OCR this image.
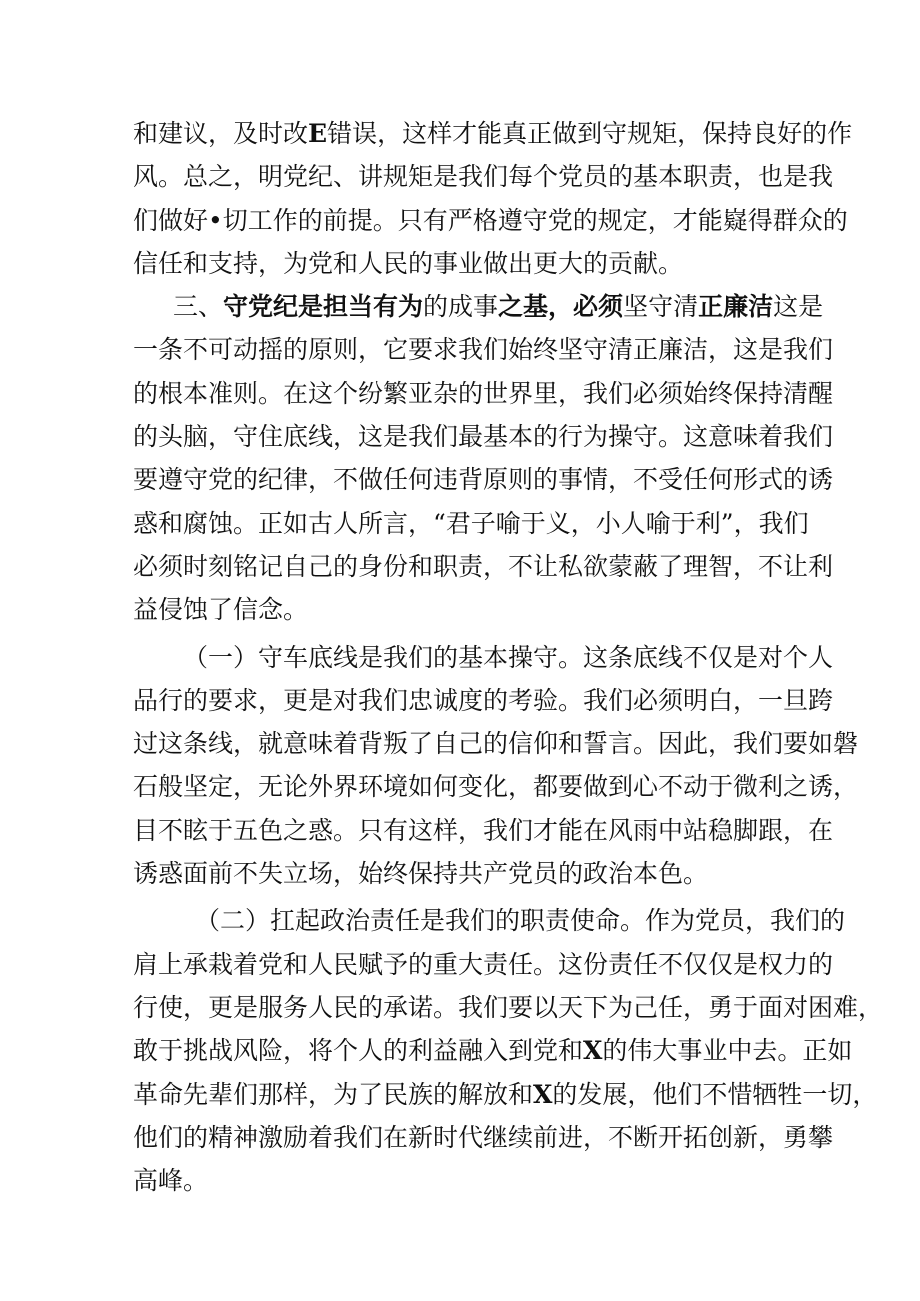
和建议，及时改E错误，这样才能真正做到守规矩，保持良好的作
风。总之，明党纪、讲规矩是我们每个党员的基本职责，也是我
们做好•切工作的前提。只有严格遵守党的规定，才能嶷得群众的
信任和支持，为党和人民的事业做出更大的贡献。
三、守党纪是担当有为的成事之基，必须坚守清正廉洁这是
一条不可动摇的原则，它要求我们始终坚守清正廉洁，这是我们
的根本准则。在这个纷繁亚杂的世界里，我们必须始终保持清醒
的头脑，守住底线，这是我们最基本的行为操守。这意味着我们
要遵守党的纪律，不做任何违背原则的事情，不受任何形式的诱
惑和腐蚀。正如古人所言，“君子喻于义，小人喻于利”，我们
必须时刻铭记自己的身份和职责，不让私欲蒙蔽了理智，不让利
益侵蚀了信念。
（一）守车底线是我们的基本操守。这条底线不仅是对个人
品行的要求，更是对我们忠诚度的考验。我们必须明白，一旦跨
过这条线，就意味着背叛了自己的信仰和誓言。因此，我们要如磐
石般坚定，无论外界环境如何变化，都要做到心不动于微利之诱，
目不眩于五色之惑。只有这样，我们才能在风雨中站稳脚跟，在
诱惑面前不失立场，始终保持共产党员的政治本色。
（二）扛起政治责任是我们的职责使命。作为党员，我们的
肩上承栽着党和人民赋予的重大责任。这份责任不仅仅是权力的
行使，更是服务人民的承诺。我们要以天下为己任，勇于面对困难，
敢于挑战风险，将个人的利益融入到党和X的伟大事业中去。正如
革命先辈们那样，为了民族的解放和X的发展，他们不惜牺牲一切，
他们的精神激励着我们在新时代继续前进，不断开拓创新，勇攀
高峰。
